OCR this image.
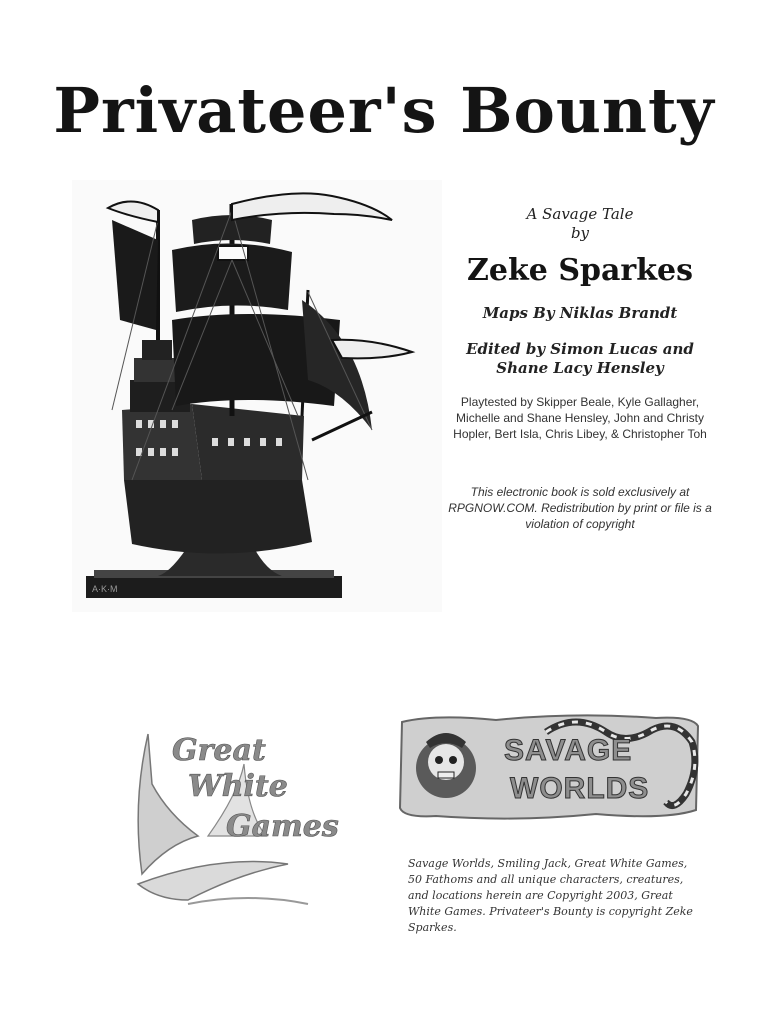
Privateer's Bounty
A·K·M
A Savage Tale
by
Zeke Sparkes
Maps By Niklas Brandt
Edited by Simon Lucas and
Shane Lacy Hensley
Playtested by Skipper Beale, Kyle Gallagher, Michelle and Shane Hensley, John and Christy Hopler, Bert Isla, Chris Libey, & Christopher Toh
This electronic book is sold exclusively at RPGNOW.COM. Redistribution by print or file is a violation of copyright
Great
White
Games
SAVAGE WORLDS
Savage Worlds, Smiling Jack, Great White Games, 50 Fathoms and all unique characters, creatures, and locations herein are Copyright 2003, Great White Games. Privateer's Bounty is copyright Zeke Sparkes.
